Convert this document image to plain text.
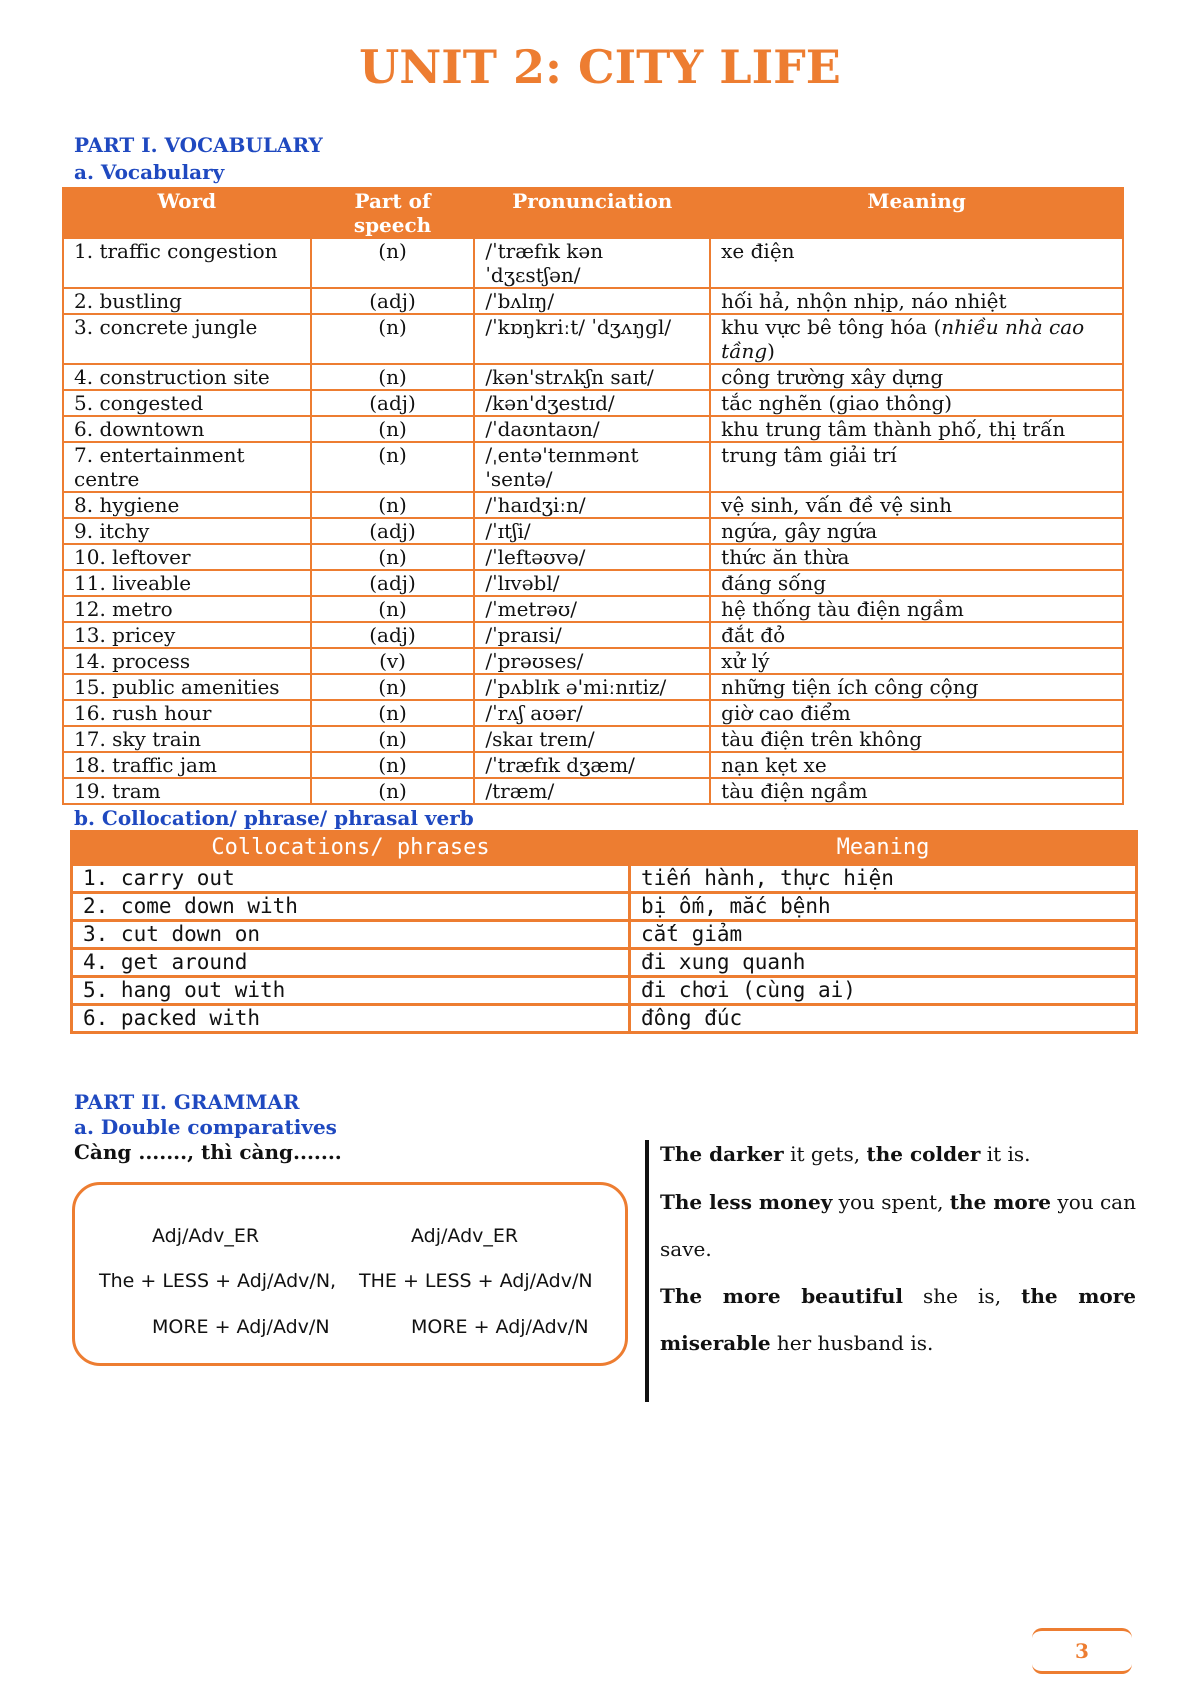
UNIT 2: CITY LIFE
PART I. VOCABULARY
a. Vocabulary
Word	Part of speech	Pronunciation	Meaning
1. traffic congestion	(n)	/ˈtræfɪk kən ˈdʒɛstʃən/	xe điện
2. bustling	(adj)	/ˈbʌlɪŋ/	hối hả, nhộn nhịp, náo nhiệt
3. concrete jungle	(n)	/ˈkɒŋkriːt/ ˈdʒʌŋgl/	khu vực bê tông hóa (nhiều nhà cao tầng)
4. construction site	(n)	/kən'strʌkʃn saɪt/	công trường xây dựng
5. congested	(adj)	/kən'dʒestɪd/	tắc nghẽn (giao thông)
6. downtown	(n)	/ˈdaʊntaʊn/	khu trung tâm thành phố, thị trấn
7. entertainment centre	(n)	/ˌentə'teɪnmənt 'sentə/	trung tâm giải trí
8. hygiene	(n)	/ˈhaɪdʒiːn/	vệ sinh, vấn đề vệ sinh
9. itchy	(adj)	/ˈɪtʃi/	ngứa, gây ngứa
10. leftover	(n)	/ˈleftəʊvə/	thức ăn thừa
11. liveable	(adj)	/ˈlɪvəbl/	đáng sống
12. metro	(n)	/ˈmetrəʊ/	hệ thống tàu điện ngầm
13. pricey	(adj)	/ˈpraɪsi/	đắt đỏ
14. process	(v)	/ˈprəʊses/	xử lý
15. public amenities	(n)	/ˈpʌblɪk ə'miːnɪtiz/	những tiện ích công cộng
16. rush hour	(n)	/ˈrʌʃ aʊər/	giờ cao điểm
17. sky train	(n)	/skaɪ treɪn/	tàu điện trên không
18. traffic jam	(n)	/ˈtræfɪk dʒæm/	nạn kẹt xe
19. tram	(n)	/træm/	tàu điện ngầm
b. Collocation/ phrase/ phrasal verb
Collocations/ phrases	Meaning
1. carry out	tiến hành, thực hiện
2. come down with	bị ốm, mắc bệnh
3. cut down on	cắt giảm
4. get around	đi xung quanh
5. hang out with	đi chơi (cùng ai)
6. packed with	đông đúc
PART II. GRAMMAR
a. Double comparatives
Càng ......., thì càng.......
Adj/Adv_ER
The + LESS + Adj/Adv/N,
MORE + Adj/Adv/N
Adj/Adv_ER
THE + LESS + Adj/Adv/N
MORE + Adj/Adv/N
The darker it gets, the colder it is.
The less money you spent, the more you can save.
The more beautiful she is, the more miserable her husband is.
3
